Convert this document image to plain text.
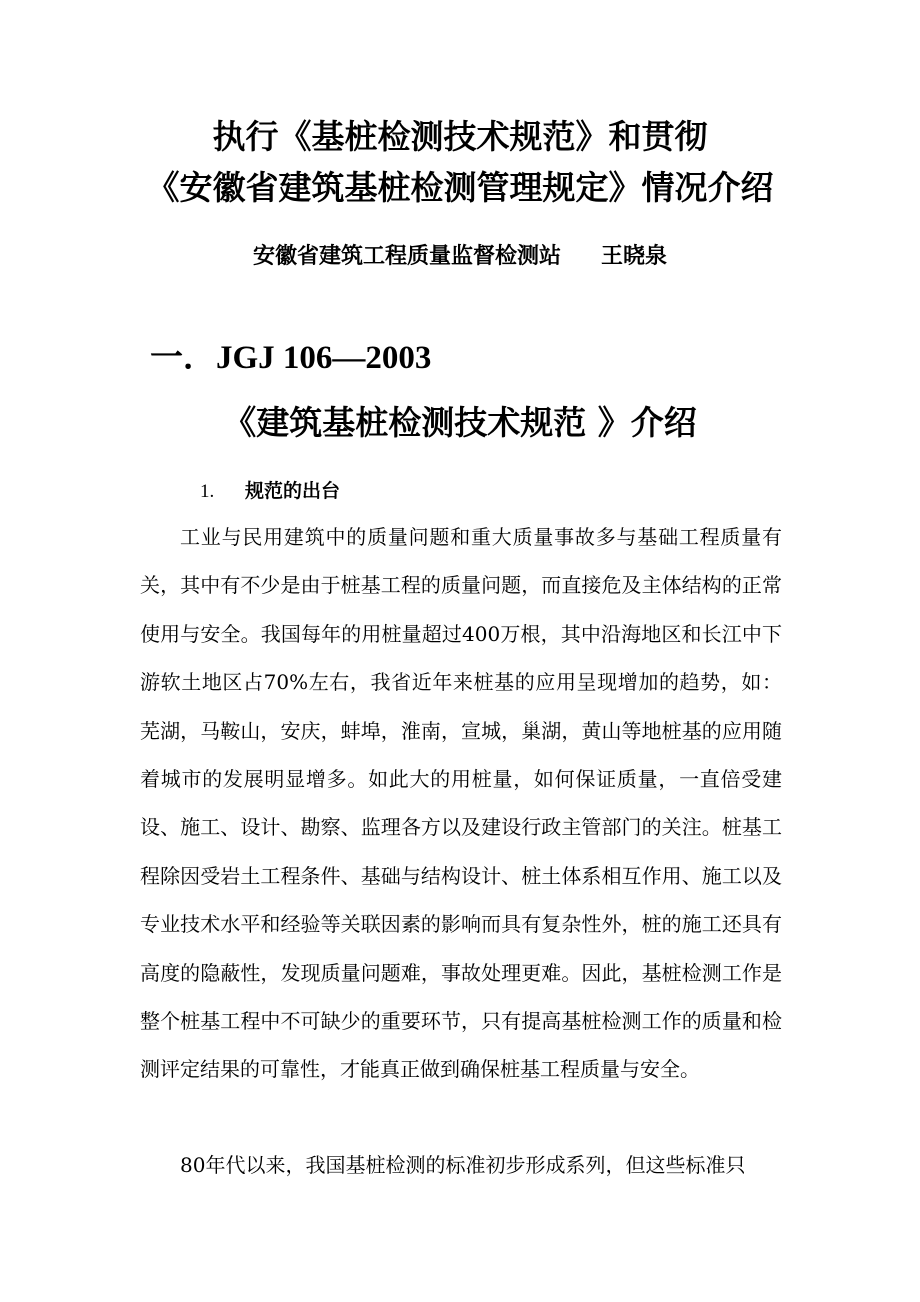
执行《基桩检测技术规范》和贯彻
《安徽省建筑基桩检测管理规定》情况介绍
安徽省建筑工程质量监督检测站 王晓泉
一．JGJ 106—2003
《建筑基桩检测技术规范 》介绍
1. 规范的出台

工业与民用建筑中的质量问题和重大质量事故多与基础工程质量有关，其中有不少是由于桩基工程的质量问题，而直接危及主体结构的正常使用与安全。我国每年的用桩量超过400万根，其中沿海地区和长江中下游软土地区占70%左右，我省近年来桩基的应用呈现增加的趋势，如：芜湖，马鞍山，安庆，蚌埠，淮南，宣城，巢湖，黄山等地桩基的应用随着城市的发展明显增多。如此大的用桩量，如何保证质量，一直倍受建设、施工、设计、勘察、监理各方以及建设行政主管部门的关注。桩基工程除因受岩土工程条件、基础与结构设计、桩土体系相互作用、施工以及专业技术水平和经验等关联因素的影响而具有复杂性外，桩的施工还具有高度的隐蔽性，发现质量问题难，事故处理更难。因此，基桩检测工作是整个桩基工程中不可缺少的重要环节，只有提高基桩检测工作的质量和检测评定结果的可靠性，才能真正做到确保桩基工程质量与安全。

80年代以来，我国基桩检测的标准初步形成系列，但这些标准只
